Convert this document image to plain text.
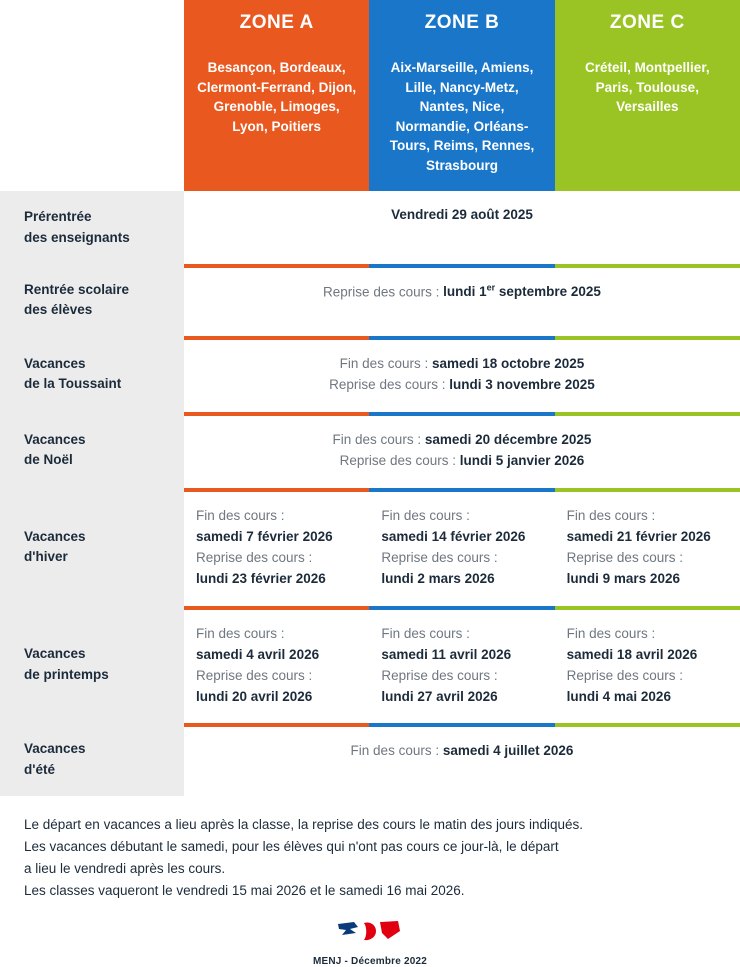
ZONE A	ZONE B	ZONE C
Besançon, Bordeaux, Clermont-Ferrand, Dijon, Grenoble, Limoges, Lyon, Poitiers
Aix-Marseille, Amiens, Lille, Nancy-Metz, Nantes, Nice, Normandie, Orléans-Tours, Reims, Rennes, Strasbourg
Créteil, Montpellier, Paris, Toulouse, Versailles
Prérentrée
des enseignants
Vendredi 29 août 2025
Rentrée scolaire
des élèves
Reprise des cours : lundi 1er septembre 2025
Vacances
de la Toussaint
Fin des cours : samedi 18 octobre 2025
Reprise des cours : lundi 3 novembre 2025
Vacances
de Noël
Fin des cours : samedi 20 décembre 2025
Reprise des cours : lundi 5 janvier 2026
Vacances
d'hiver
Fin des cours :
samedi 7 février 2026
Reprise des cours :
lundi 23 février 2026
Fin des cours :
samedi 14 février 2026
Reprise des cours :
lundi 2 mars 2026
Fin des cours :
samedi 21 février 2026
Reprise des cours :
lundi 9 mars 2026
Vacances
de printemps
Fin des cours :
samedi 4 avril 2026
Reprise des cours :
lundi 20 avril 2026
Fin des cours :
samedi 11 avril 2026
Reprise des cours :
lundi 27 avril 2026
Fin des cours :
samedi 18 avril 2026
Reprise des cours :
lundi 4 mai 2026
Vacances
d'été
Fin des cours : samedi 4 juillet 2026

Le départ en vacances a lieu après la classe, la reprise des cours le matin des jours indiqués.

Les vacances débutant le samedi, pour les élèves qui n'ont pas cours ce jour-là, le départ

a lieu le vendredi après les cours.

Les classes vaqueront le vendredi 15 mai 2026 et le samedi 16 mai 2026.

MENJ - Décembre 2022
